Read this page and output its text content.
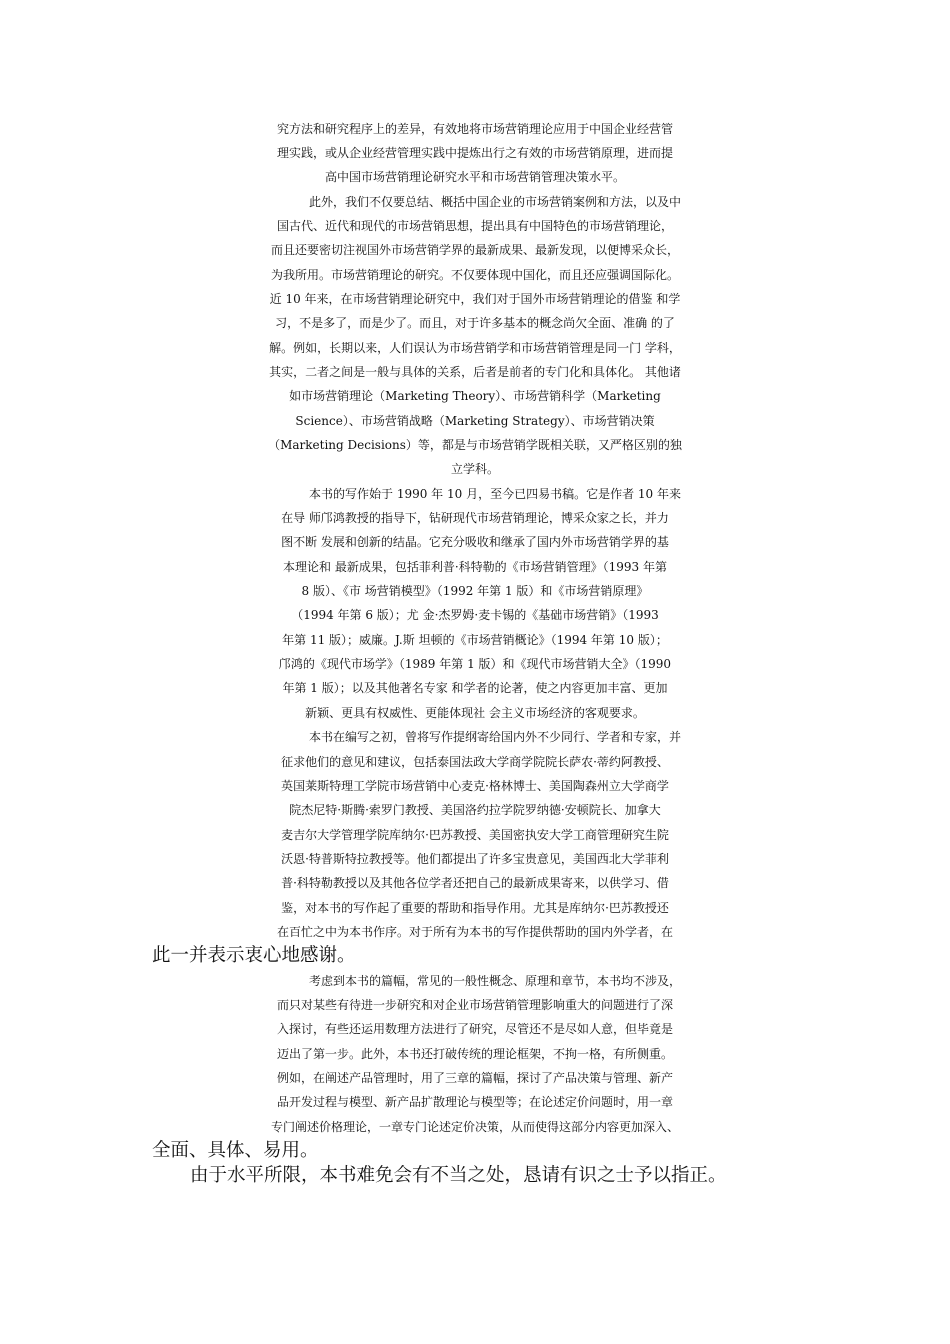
究方法和研究程序上的差异，有效地将市场营销理论应用于中国企业经营管
理实践，或从企业经营管理实践中提炼出行之有效的市场营销原理，进而提
高中国市场营销理论研究水平和市场营销管理决策水平。
此外，我们不仅要总结、概括中国企业的市场营销案例和方法，以及中
国古代、近代和现代的市场营销思想，提出具有中国特色的市场营销理论，
而且还要密切注视国外市场营销学界的最新成果、最新发现，以便博采众长，
为我所用。市场营销理论的研究。不仅要体现中国化，而且还应强调国际化。
近 10 年来，在市场营销理论研究中，我们对于国外市场营销理论的借鉴 和学
习，不是多了，而是少了。而且，对于许多基本的概念尚欠全面、准确 的了
解。例如，长期以来，人们误认为市场营销学和市场营销管理是同一门 学科，
其实，二者之间是一般与具体的关系，后者是前者的专门化和具体化。 其他诸
如市场营销理论（Marketing Theory）、市场营销科学（Marketing
Science）、市场营销战略（Marketing Strategy）、市场营销决策
（Marketing Decisions）等，都是与市场营销学既相关联，又严格区别的独
立学科。
本书的写作始于 1990 年 10 月，至今已四易书稿。它是作者 10 年来
在导 师邝鸿教授的指导下，钻研现代市场营销理论，博采众家之长，并力
图不断 发展和创新的结晶。它充分吸收和继承了国内外市场营销学界的基
本理论和 最新成果，包括菲利普·科特勒的《市场营销管理》（1993 年第
8 版）、《市 场营销模型》（1992 年第 1 版）和《市场营销原理》
（1994 年第 6 版）；尤 金·杰罗姆·麦卡锡的《基础市场营销》（1993
年第 11 版）；威廉。J.斯 坦顿的《市场营销概论》（1994 年第 10 版）；
邝鸿的《现代市场学》（1989 年第 1 版）和《现代市场营销大全》（1990
年第 1 版）；以及其他著名专家 和学者的论著，使之内容更加丰富、更加
新颖、更具有权威性、更能体现社 会主义市场经济的客观要求。
本书在编写之初，曾将写作提纲寄给国内外不少同行、学者和专家，并
征求他们的意见和建议，包括泰国法政大学商学院院长萨农·蒂约阿教授、
英国莱斯特理工学院市场营销中心麦克·格林博士、美国陶森州立大学商学
院杰尼特·斯腾·索罗门教授、美国洛约拉学院罗纳德·安顿院长、加拿大
麦吉尔大学管理学院库纳尔·巴苏教授、美国密执安大学工商管理研究生院
沃恩·特普斯特拉教授等。他们都提出了许多宝贵意见，美国西北大学菲利
普·科特勒教授以及其他各位学者还把自己的最新成果寄来，以供学习、借
鉴，对本书的写作起了重要的帮助和指导作用。尤其是库纳尔·巴苏教授还
在百忙之中为本书作序。对于所有为本书的写作提供帮助的国内外学者，在
此一并表示衷心地感谢。
考虑到本书的篇幅，常见的一般性概念、原理和章节，本书均不涉及，
而只对某些有待进一步研究和对企业市场营销管理影响重大的问题进行了深
入探讨，有些还运用数理方法进行了研究，尽管还不是尽如人意，但毕竟是
迈出了第一步。此外，本书还打破传统的理论框架，不拘一格，有所侧重。
例如，在阐述产品管理时，用了三章的篇幅，探讨了产品决策与管理、新产
品开发过程与模型、新产品扩散理论与模型等；在论述定价问题时，用一章
专门阐述价格理论，一章专门论述定价决策，从而使得这部分内容更加深入、
全面、具体、易用。
由于水平所限，本书难免会有不当之处，恳请有识之士予以指正。
